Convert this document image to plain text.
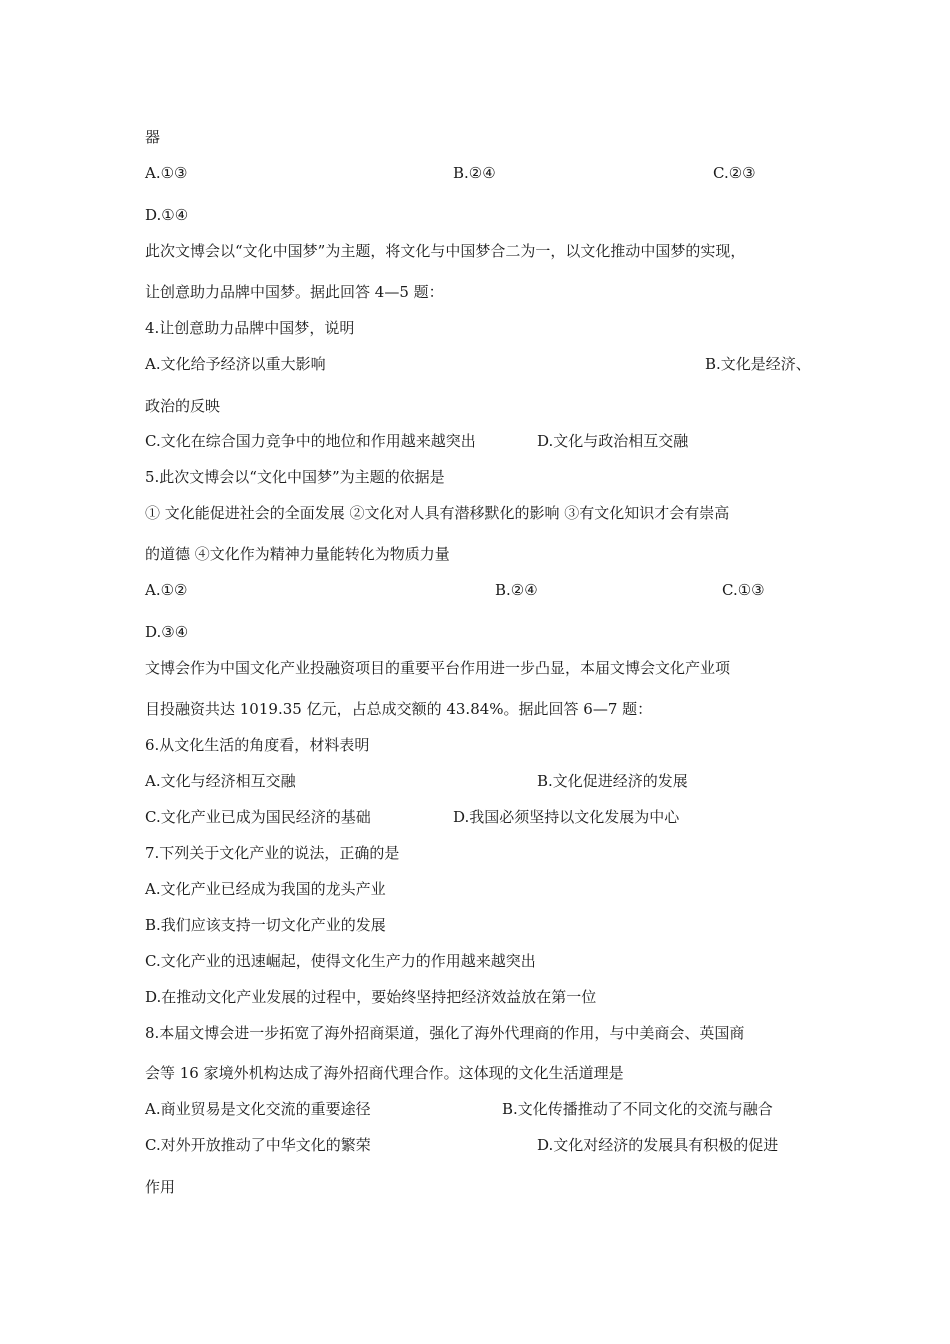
器
A.①③	B.②④	C.②③
D.①④
此次文博会以“文化中国梦”为主题，将文化与中国梦合二为一，以文化推动中国梦的实现，
让创意助力品牌中国梦。据此回答 4—5 题：
4.让创意助力品牌中国梦，说明
A.文化给予经济以重大影响	B.文化是经济、
政治的反映
C.文化在综合国力竞争中的地位和作用越来越突出	D.文化与政治相互交融
5.此次文博会以“文化中国梦”为主题的依据是
① 文化能促进社会的全面发展 ②文化对人具有潜移默化的影响 ③有文化知识才会有崇高
的道德 ④文化作为精神力量能转化为物质力量
A.①②	B.②④	C.①③
D.③④
文博会作为中国文化产业投融资项目的重要平台作用进一步凸显，本届文博会文化产业项
目投融资共达 1019.35 亿元，占总成交额的 43.84%。据此回答 6—7 题：
6.从文化生活的角度看，材料表明
A.文化与经济相互交融	B.文化促进经济的发展
C.文化产业已成为国民经济的基础	D.我国必须坚持以文化发展为中心
7.下列关于文化产业的说法，正确的是
A.文化产业已经成为我国的龙头产业
B.我们应该支持一切文化产业的发展
C.文化产业的迅速崛起，使得文化生产力的作用越来越突出
D.在推动文化产业发展的过程中，要始终坚持把经济效益放在第一位
8.本届文博会进一步拓宽了海外招商渠道，强化了海外代理商的作用，与中美商会、英国商
会等 16 家境外机构达成了海外招商代理合作。这体现的文化生活道理是
A.商业贸易是文化交流的重要途径	B.文化传播推动了不同文化的交流与融合
C.对外开放推动了中华文化的繁荣	D.文化对经济的发展具有积极的促进
作用
